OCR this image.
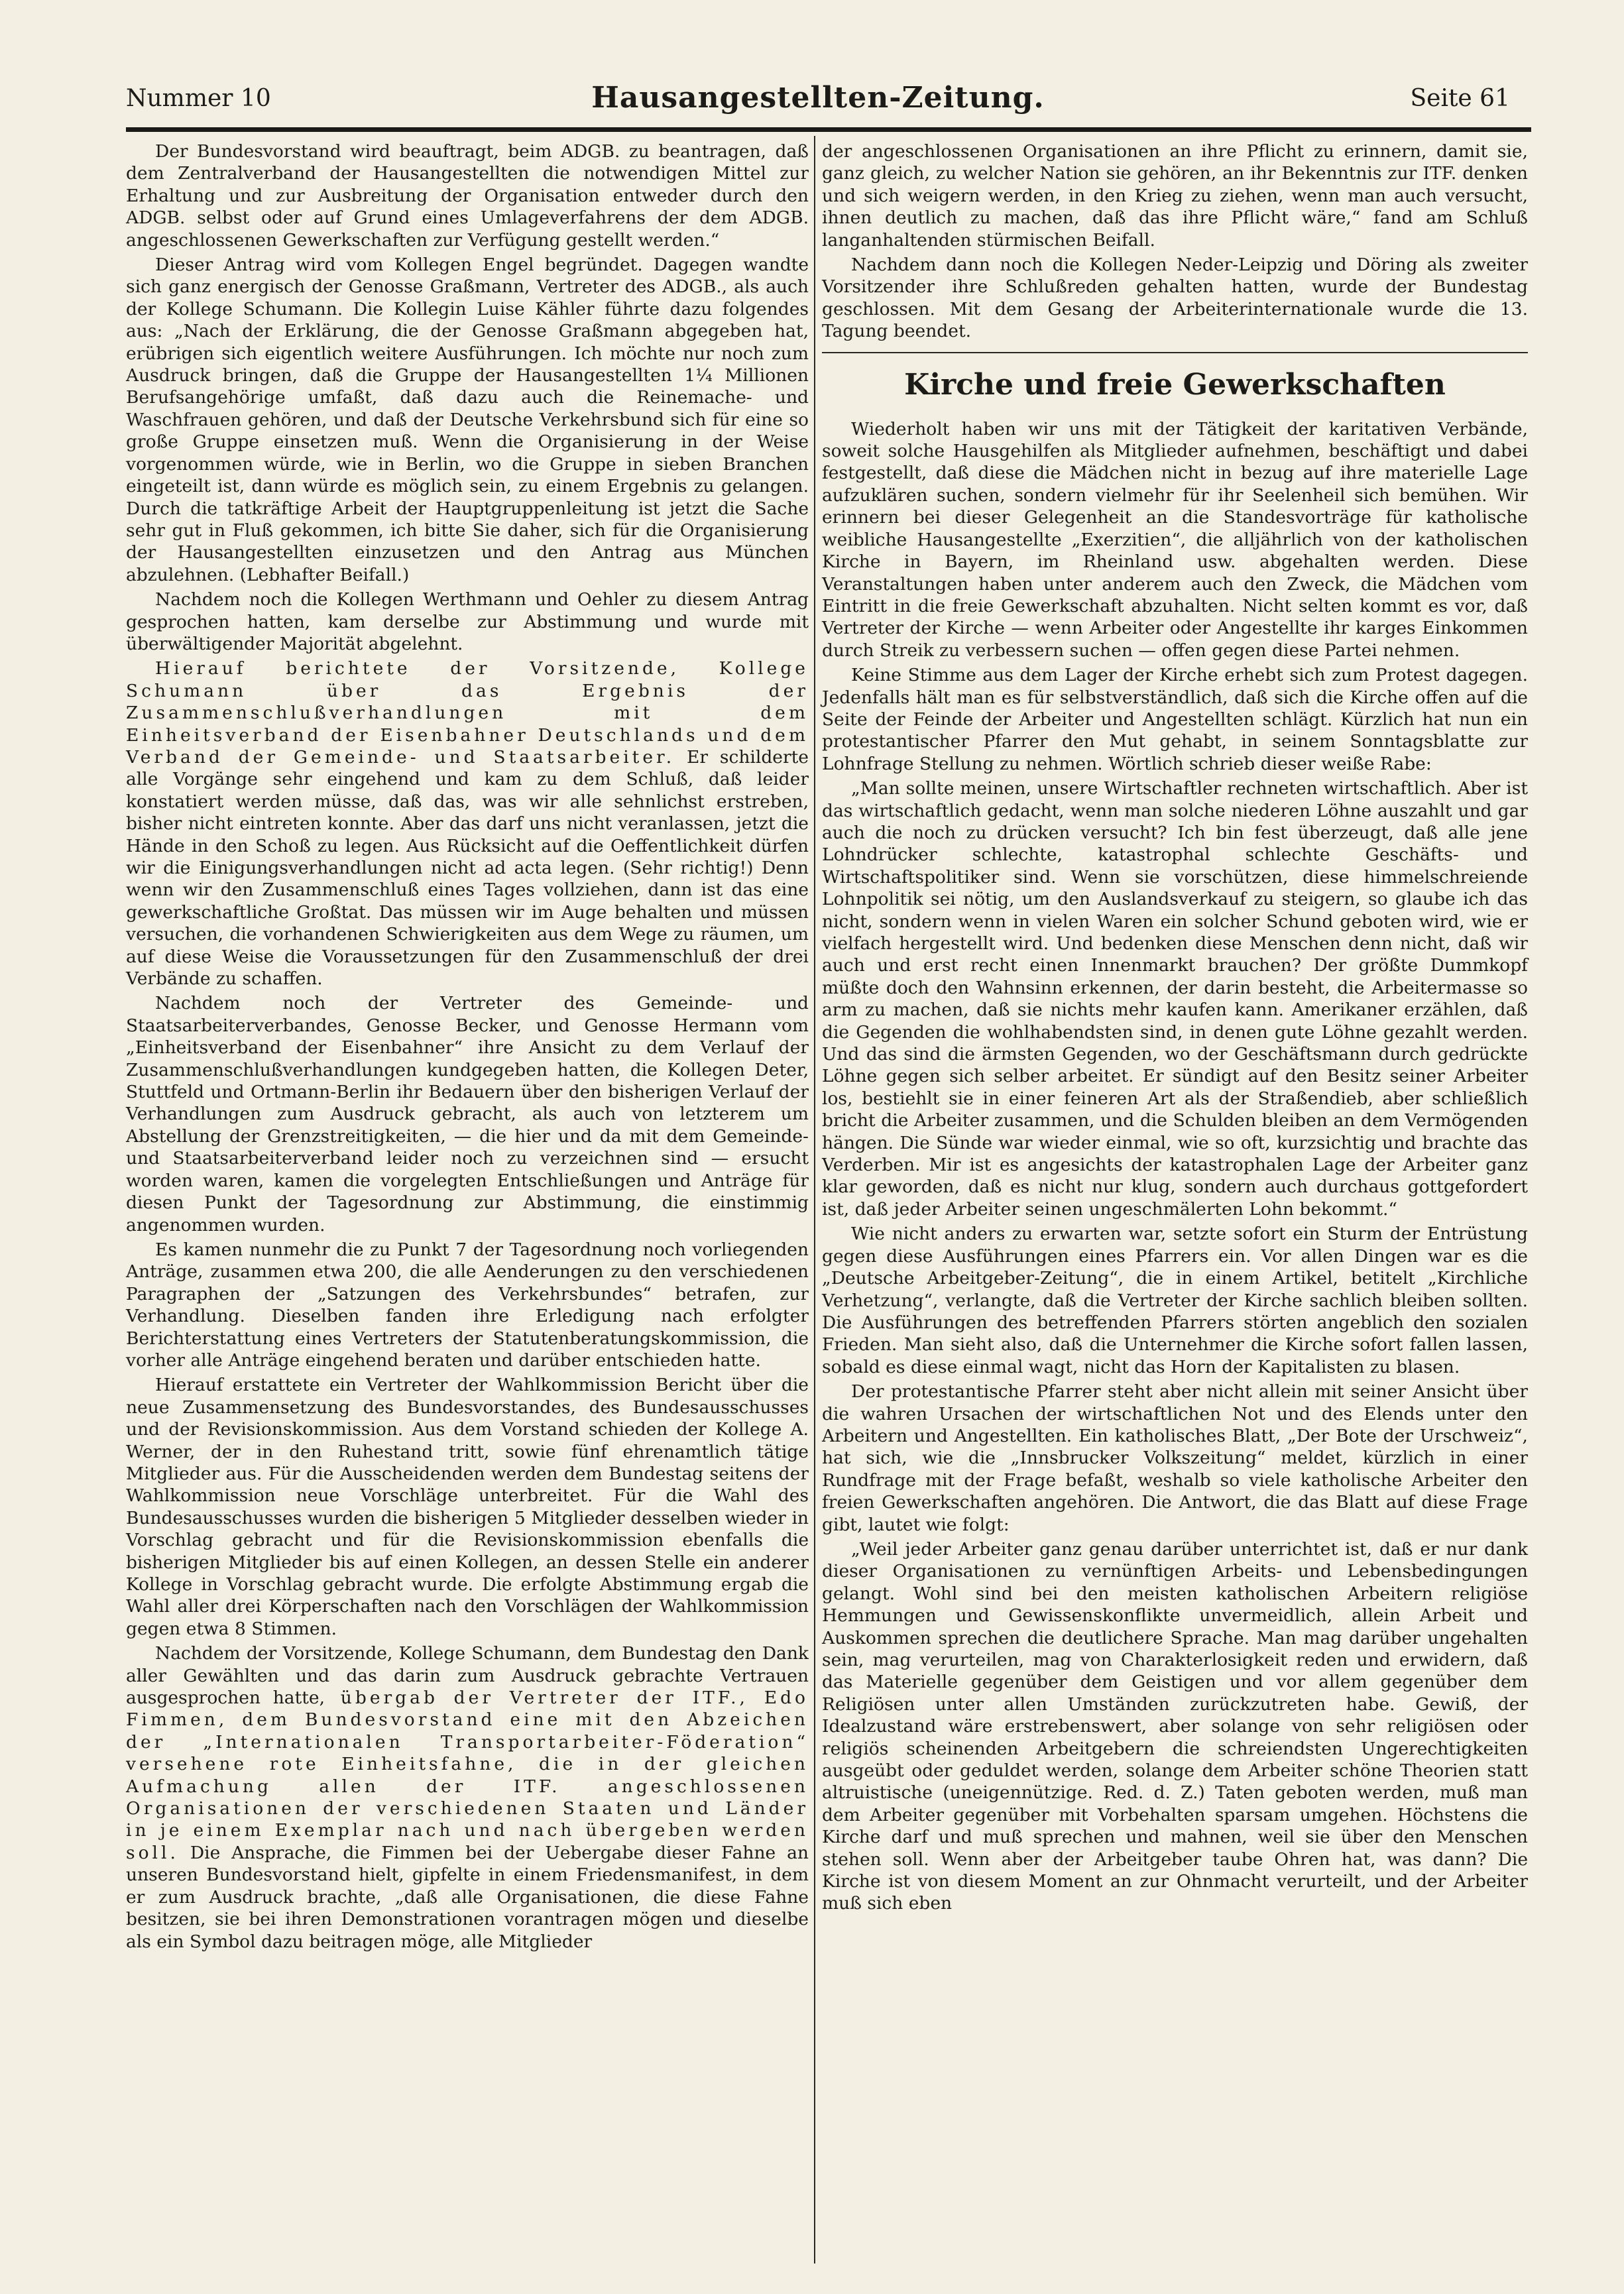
Nummer 10	Hausangestellten-Zeitung.	Seite 61

Der Bundesvorstand wird beauftragt, beim ADGB. zu beantragen, daß dem Zentralverband der Hausangestellten die notwendigen Mittel zur Erhaltung und zur Ausbreitung der Organisation entweder durch den ADGB. selbst oder auf Grund eines Umlageverfahrens der dem ADGB. angeschlossenen Gewerkschaften zur Verfügung gestellt werden.“

Dieser Antrag wird vom Kollegen Engel begründet. Dagegen wandte sich ganz energisch der Genosse Graßmann, Vertreter des ADGB., als auch der Kollege Schumann. Die Kollegin Luise Kähler führte dazu folgendes aus: „Nach der Erklärung, die der Genosse Graßmann abgegeben hat, erübrigen sich eigentlich weitere Ausführungen. Ich möchte nur noch zum Ausdruck bringen, daß die Gruppe der Hausangestellten 1¼ Millionen Berufsangehörige umfaßt, daß dazu auch die Reinemache- und Waschfrauen gehören, und daß der Deutsche Verkehrsbund sich für eine so große Gruppe einsetzen muß. Wenn die Organisierung in der Weise vorgenommen würde, wie in Berlin, wo die Gruppe in sieben Branchen eingeteilt ist, dann würde es möglich sein, zu einem Ergebnis zu gelangen. Durch die tatkräftige Arbeit der Hauptgruppenleitung ist jetzt die Sache sehr gut in Fluß gekommen, ich bitte Sie daher, sich für die Organisierung der Hausangestellten einzusetzen und den Antrag aus München abzulehnen. (Lebhafter Beifall.)

Nachdem noch die Kollegen Werthmann und Oehler zu diesem Antrag gesprochen hatten, kam derselbe zur Abstimmung und wurde mit überwältigender Majorität abgelehnt.

Hierauf berichtete der Vorsitzende, Kollege Schumann über das Ergebnis der Zusammenschlußverhandlungen mit dem Einheitsverband der Eisenbahner Deutschlands und dem Verband der Gemeinde- und Staatsarbeiter. Er schilderte alle Vorgänge sehr eingehend und kam zu dem Schluß, daß leider konstatiert werden müsse, daß das, was wir alle sehnlichst erstreben, bisher nicht eintreten konnte. Aber das darf uns nicht veranlassen, jetzt die Hände in den Schoß zu legen. Aus Rücksicht auf die Oeffentlichkeit dürfen wir die Einigungsverhandlungen nicht ad acta legen. (Sehr richtig!) Denn wenn wir den Zusammenschluß eines Tages vollziehen, dann ist das eine gewerkschaftliche Großtat. Das müssen wir im Auge behalten und müssen versuchen, die vorhandenen Schwierigkeiten aus dem Wege zu räumen, um auf diese Weise die Voraussetzungen für den Zusammenschluß der drei Verbände zu schaffen.

Nachdem noch der Vertreter des Gemeinde- und Staatsarbeiterverbandes, Genosse Becker, und Genosse Hermann vom „Einheitsverband der Eisenbahner“ ihre Ansicht zu dem Verlauf der Zusammenschlußverhandlungen kundgegeben hatten, die Kollegen Deter, Stuttfeld und Ortmann-Berlin ihr Bedauern über den bisherigen Verlauf der Verhandlungen zum Ausdruck gebracht, als auch von letzterem um Abstellung der Grenzstreitigkeiten, — die hier und da mit dem Gemeinde- und Staatsarbeiterverband leider noch zu verzeichnen sind — ersucht worden waren, kamen die vorgelegten Entschließungen und Anträge für diesen Punkt der Tagesordnung zur Abstimmung, die einstimmig angenommen wurden.

Es kamen nunmehr die zu Punkt 7 der Tagesordnung noch vorliegenden Anträge, zusammen etwa 200, die alle Aenderungen zu den verschiedenen Paragraphen der „Satzungen des Verkehrsbundes“ betrafen, zur Verhandlung. Dieselben fanden ihre Erledigung nach erfolgter Berichterstattung eines Vertreters der Statutenberatungskommission, die vorher alle Anträge eingehend beraten und darüber entschieden hatte.

Hierauf erstattete ein Vertreter der Wahlkommission Bericht über die neue Zusammensetzung des Bundesvorstandes, des Bundesausschusses und der Revisionskommission. Aus dem Vorstand schieden der Kollege A. Werner, der in den Ruhestand tritt, sowie fünf ehrenamtlich tätige Mitglieder aus. Für die Ausscheidenden werden dem Bundestag seitens der Wahlkommission neue Vorschläge unterbreitet. Für die Wahl des Bundesausschusses wurden die bisherigen 5 Mitglieder desselben wieder in Vorschlag gebracht und für die Revisionskommission ebenfalls die bisherigen Mitglieder bis auf einen Kollegen, an dessen Stelle ein anderer Kollege in Vorschlag gebracht wurde. Die erfolgte Abstimmung ergab die Wahl aller drei Körperschaften nach den Vorschlägen der Wahlkommission gegen etwa 8 Stimmen.

Nachdem der Vorsitzende, Kollege Schumann, dem Bundestag den Dank aller Gewählten und das darin zum Ausdruck gebrachte Vertrauen ausgesprochen hatte, übergab der Vertreter der ITF., Edo Fimmen, dem Bundesvorstand eine mit den Abzeichen der „Internationalen Transportarbeiter-Föderation“ versehene rote Einheitsfahne, die in der gleichen Aufmachung allen der ITF. angeschlossenen Organisationen der verschiedenen Staaten und Länder in je einem Exemplar nach und nach übergeben werden soll. Die Ansprache, die Fimmen bei der Uebergabe dieser Fahne an unseren Bundesvorstand hielt, gipfelte in einem Friedensmanifest, in dem er zum Ausdruck brachte, „daß alle Organisationen, die diese Fahne besitzen, sie bei ihren Demonstrationen vorantragen mögen und dieselbe als ein Symbol dazu beitragen möge, alle Mitglieder

der angeschlossenen Organisationen an ihre Pflicht zu erinnern, damit sie, ganz gleich, zu welcher Nation sie gehören, an ihr Bekenntnis zur ITF. denken und sich weigern werden, in den Krieg zu ziehen, wenn man auch versucht, ihnen deutlich zu machen, daß das ihre Pflicht wäre,“ fand am Schluß langanhaltenden stürmischen Beifall.

Nachdem dann noch die Kollegen Neder-Leipzig und Döring als zweiter Vorsitzender ihre Schlußreden gehalten hatten, wurde der Bundestag geschlossen. Mit dem Gesang der Arbeiterinternationale wurde die 13. Tagung beendet.

Kirche und freie Gewerkschaften

Wiederholt haben wir uns mit der Tätigkeit der karitativen Verbände, soweit solche Hausgehilfen als Mitglieder aufnehmen, beschäftigt und dabei festgestellt, daß diese die Mädchen nicht in bezug auf ihre materielle Lage aufzuklären suchen, sondern vielmehr für ihr Seelenheil sich bemühen. Wir erinnern bei dieser Gelegenheit an die Standesvorträge für katholische weibliche Hausangestellte „Exerzitien“, die alljährlich von der katholischen Kirche in Bayern, im Rheinland usw. abgehalten werden. Diese Veranstaltungen haben unter anderem auch den Zweck, die Mädchen vom Eintritt in die freie Gewerkschaft abzuhalten. Nicht selten kommt es vor, daß Vertreter der Kirche — wenn Arbeiter oder Angestellte ihr karges Einkommen durch Streik zu verbessern suchen — offen gegen diese Partei nehmen.

Keine Stimme aus dem Lager der Kirche erhebt sich zum Protest dagegen. Jedenfalls hält man es für selbstverständlich, daß sich die Kirche offen auf die Seite der Feinde der Arbeiter und Angestellten schlägt. Kürzlich hat nun ein protestantischer Pfarrer den Mut gehabt, in seinem Sonntagsblatte zur Lohnfrage Stellung zu nehmen. Wörtlich schrieb dieser weiße Rabe:

„Man sollte meinen, unsere Wirtschaftler rechneten wirtschaftlich. Aber ist das wirtschaftlich gedacht, wenn man solche niederen Löhne auszahlt und gar auch die noch zu drücken versucht? Ich bin fest überzeugt, daß alle jene Lohndrücker schlechte, katastrophal schlechte Geschäfts- und Wirtschaftspolitiker sind. Wenn sie vorschützen, diese himmelschreiende Lohnpolitik sei nötig, um den Auslandsverkauf zu steigern, so glaube ich das nicht, sondern wenn in vielen Waren ein solcher Schund geboten wird, wie er vielfach hergestellt wird. Und bedenken diese Menschen denn nicht, daß wir auch und erst recht einen Innenmarkt brauchen? Der größte Dummkopf müßte doch den Wahnsinn erkennen, der darin besteht, die Arbeitermasse so arm zu machen, daß sie nichts mehr kaufen kann. Amerikaner erzählen, daß die Gegenden die wohlhabendsten sind, in denen gute Löhne gezahlt werden. Und das sind die ärmsten Gegenden, wo der Geschäftsmann durch gedrückte Löhne gegen sich selber arbeitet. Er sündigt auf den Besitz seiner Arbeiter los, bestiehlt sie in einer feineren Art als der Straßendieb, aber schließlich bricht die Arbeiter zusammen, und die Schulden bleiben an dem Vermögenden hängen. Die Sünde war wieder einmal, wie so oft, kurzsichtig und brachte das Verderben. Mir ist es angesichts der katastrophalen Lage der Arbeiter ganz klar geworden, daß es nicht nur klug, sondern auch durchaus gottgefordert ist, daß jeder Arbeiter seinen ungeschmälerten Lohn bekommt.“

Wie nicht anders zu erwarten war, setzte sofort ein Sturm der Entrüstung gegen diese Ausführungen eines Pfarrers ein. Vor allen Dingen war es die „Deutsche Arbeitgeber-Zeitung“, die in einem Artikel, betitelt „Kirchliche Verhetzung“, verlangte, daß die Vertreter der Kirche sachlich bleiben sollten. Die Ausführungen des betreffenden Pfarrers störten angeblich den sozialen Frieden. Man sieht also, daß die Unternehmer die Kirche sofort fallen lassen, sobald es diese einmal wagt, nicht das Horn der Kapitalisten zu blasen.

Der protestantische Pfarrer steht aber nicht allein mit seiner Ansicht über die wahren Ursachen der wirtschaftlichen Not und des Elends unter den Arbeitern und Angestellten. Ein katholisches Blatt, „Der Bote der Urschweiz“, hat sich, wie die „Innsbrucker Volkszeitung“ meldet, kürzlich in einer Rundfrage mit der Frage befaßt, weshalb so viele katholische Arbeiter den freien Gewerkschaften angehören. Die Antwort, die das Blatt auf diese Frage gibt, lautet wie folgt:

„Weil jeder Arbeiter ganz genau darüber unterrichtet ist, daß er nur dank dieser Organisationen zu vernünftigen Arbeits- und Lebensbedingungen gelangt. Wohl sind bei den meisten katholischen Arbeitern religiöse Hemmungen und Gewissenskonflikte unvermeidlich, allein Arbeit und Auskommen sprechen die deutlichere Sprache. Man mag darüber ungehalten sein, mag verurteilen, mag von Charakterlosigkeit reden und erwidern, daß das Materielle gegenüber dem Geistigen und vor allem gegenüber dem Religiösen unter allen Umständen zurückzutreten habe. Gewiß, der Idealzustand wäre erstrebenswert, aber solange von sehr religiösen oder religiös scheinenden Arbeitgebern die schreiendsten Ungerechtigkeiten ausgeübt oder geduldet werden, solange dem Arbeiter schöne Theorien statt altruistische (uneigennützige. Red. d. Z.) Taten geboten werden, muß man dem Arbeiter gegenüber mit Vorbehalten sparsam umgehen. Höchstens die Kirche darf und muß sprechen und mahnen, weil sie über den Menschen stehen soll. Wenn aber der Arbeitgeber taube Ohren hat, was dann? Die Kirche ist von diesem Moment an zur Ohnmacht verurteilt, und der Arbeiter muß sich eben
